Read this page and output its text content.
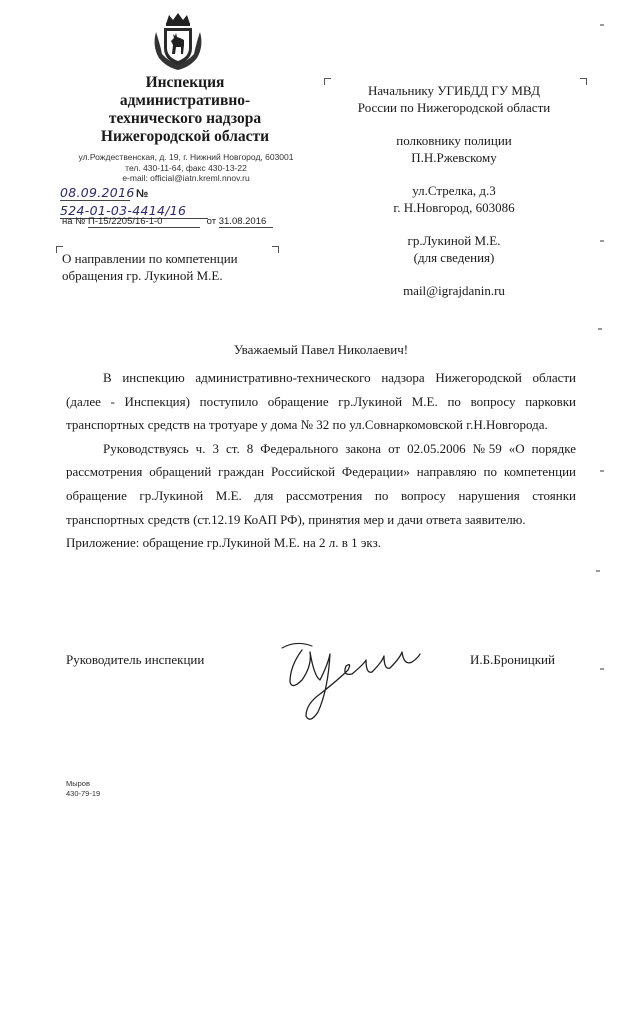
Инспекция
административно-
технического надзора
Нижегородской области
ул.Рождественская, д. 19, г. Нижний Новгород, 603001
тел. 430-11-64, факс 430-13-22
e-mail: official@iatn.kreml.nnov.ru
08.09.2016 № 524-01-03-4414/16
на № П-15/2205/16-1-0	от 31.08.2016
Начальнику УГИБДД ГУ МВД
России по Нижегородской области
полковнику полиции
П.Н.Ржевскому
ул.Стрелка, д.3
г. Н.Новгород, 603086
гр.Лукиной М.Е.
(для сведения)
mail@igrajdanin.ru
О направлении по компетенции
обращения гр. Лукиной М.Е.
Уважаемый Павел Николаевич!

В инспекцию административно-технического надзора Нижегородской области (далее - Инспекция) поступило обращение гр.Лукиной М.Е. по вопросу парковки транспортных средств на тротуаре у дома № 32 по ул.Совнаркомовской г.Н.Новгорода.

Руководствуясь ч. 3 ст. 8 Федерального закона от 02.05.2006 №59 «О порядке рассмотрения обращений граждан Российской Федерации» направляю по компетенции обращение гр.Лукиной М.Е. для рассмотрения по вопросу нарушения стоянки транспортных средств (ст.12.19 КоАП РФ), принятия мер и дачи ответа заявителю.

Приложение: обращение гр.Лукиной М.Е. на 2 л. в 1 экз.

Руководитель инспекции	И.Б.Броницкий
Мыров
430-79-19
